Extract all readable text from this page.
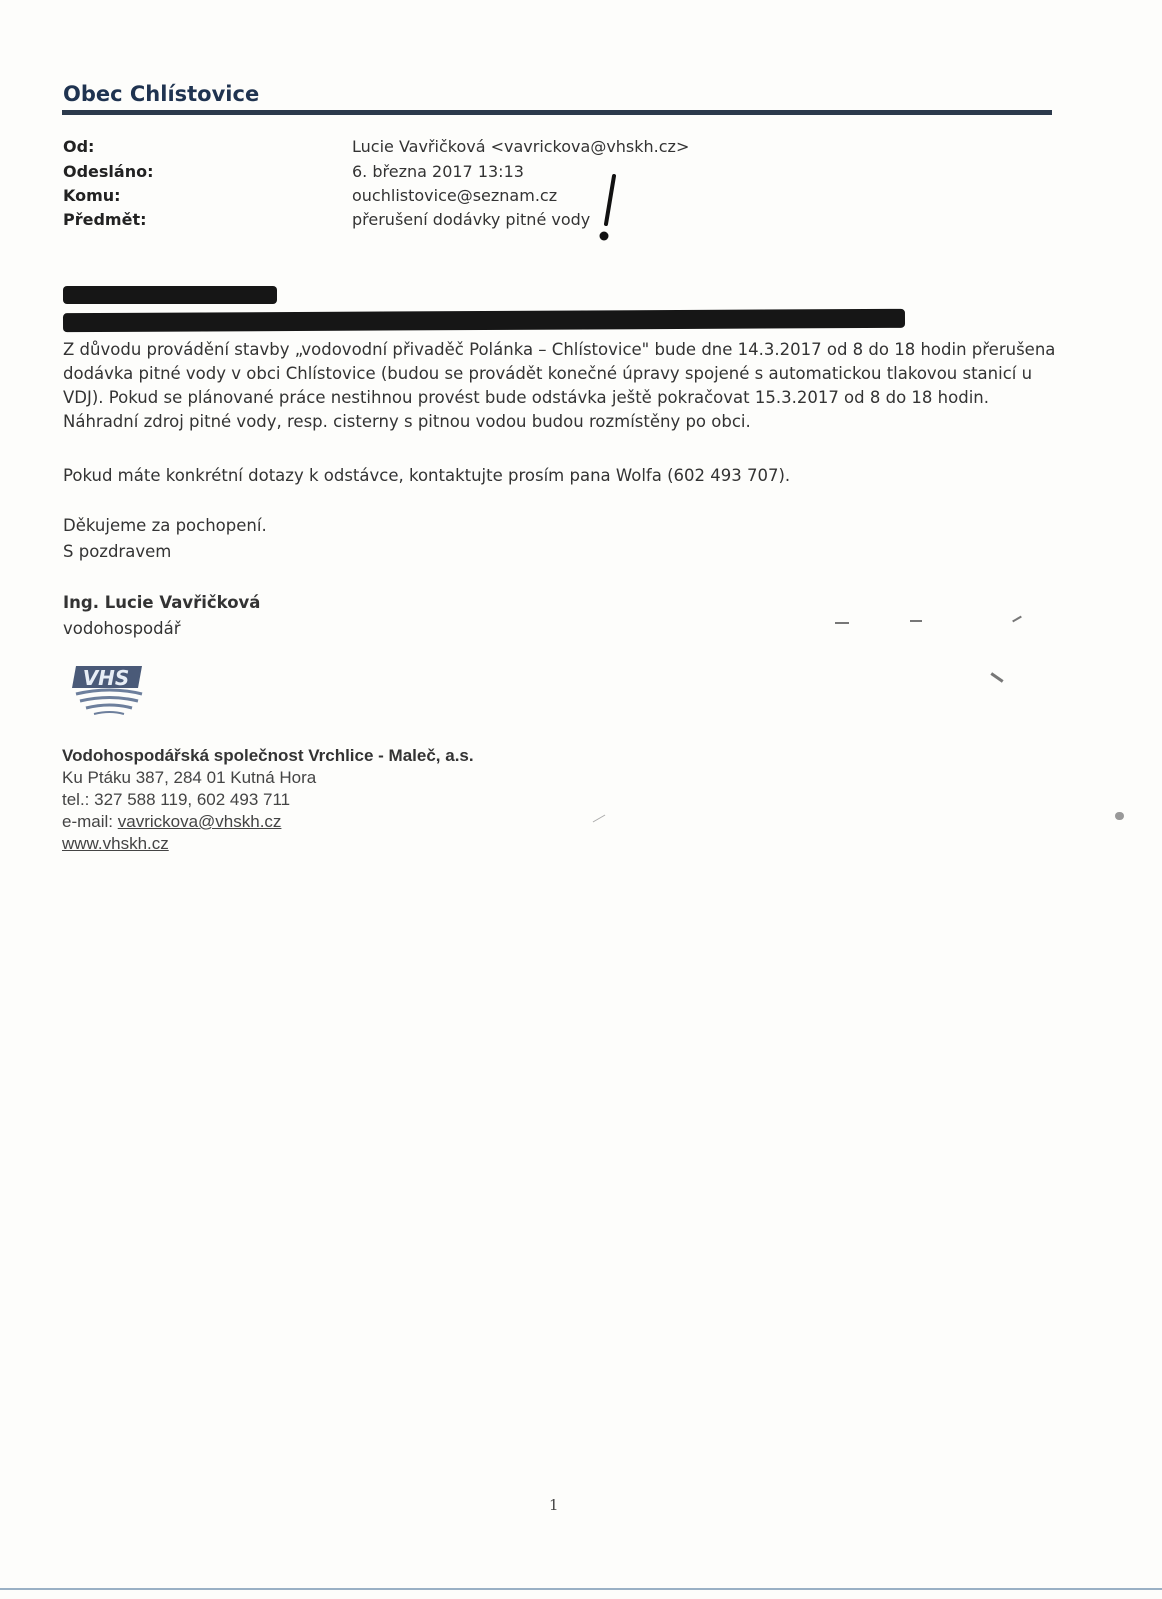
Obec Chlístovice
Od:	Lucie Vavřičková <vavrickova@vhskh.cz>
Odesláno:	6. března 2017 13:13
Komu:	ouchlistovice@seznam.cz
Předmět:	přerušení dodávky pitné vody
Z důvodu provádění stavby „vodovodní přivaděč Polánka – Chlístovice" bude dne 14.3.2017 od 8 do 18 hodin přerušena dodávka pitné vody v obci Chlístovice (budou se provádět konečné úpravy spojené s automatickou tlakovou stanicí u VDJ). Pokud se plánované práce nestihnou provést bude odstávka ještě pokračovat 15.3.2017 od 8 do 18 hodin. Náhradní zdroj pitné vody, resp. cisterny s pitnou vodou budou rozmístěny po obci.
Pokud máte konkrétní dotazy k odstávce, kontaktujte prosím pana Wolfa (602 493 707).
Děkujeme za pochopení.
S pozdravem
Ing. Lucie Vavřičková
vodohospodář
VHS
Vodohospodářská společnost Vrchlice - Maleč, a.s.
Ku Ptáku 387, 284 01 Kutná Hora
tel.: 327 588 119, 602 493 711
e-mail: vavrickova@vhskh.cz
www.vhskh.cz
1
